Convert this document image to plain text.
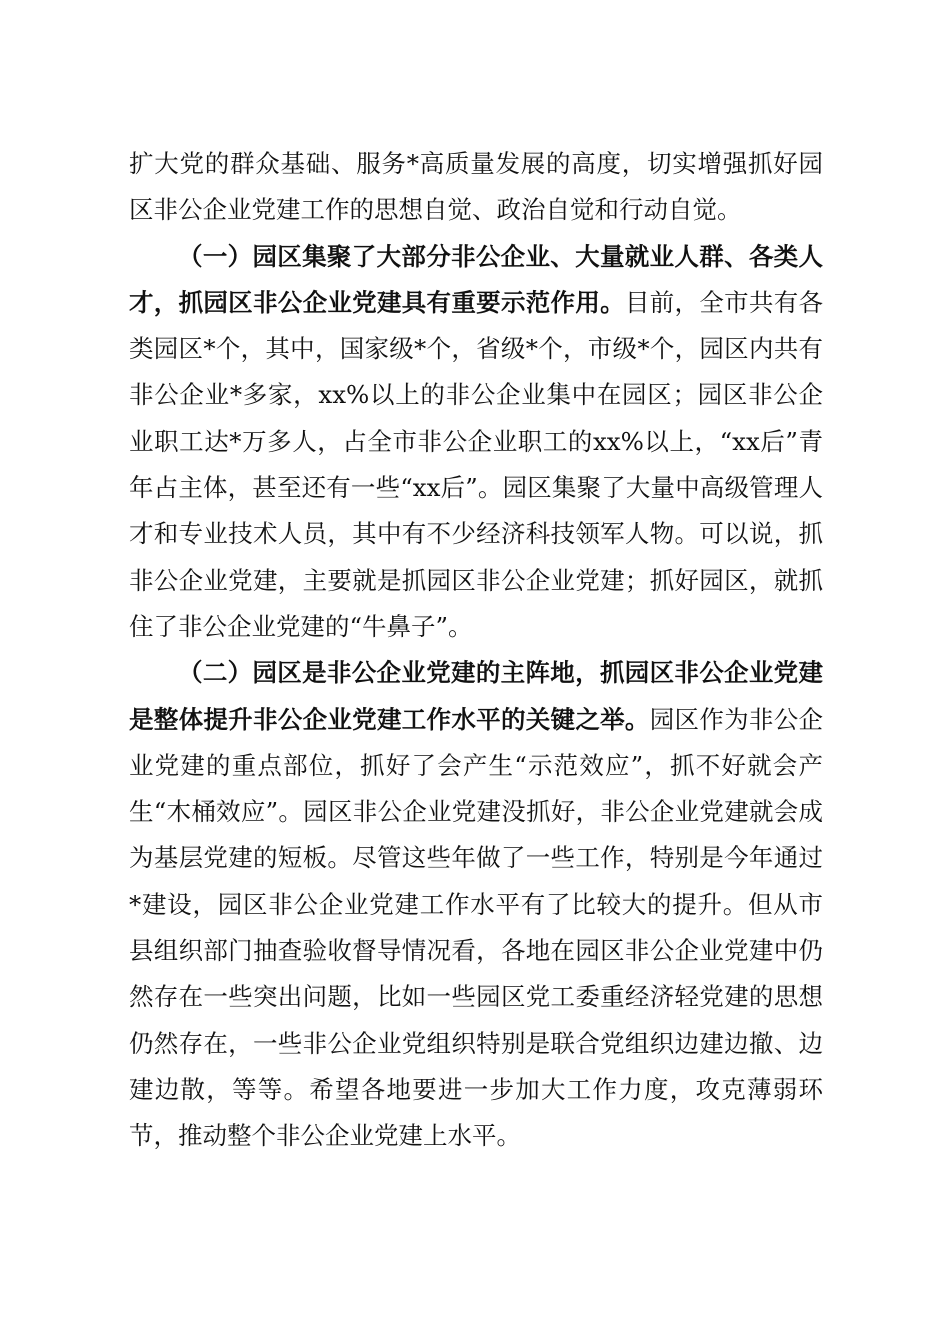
扩大党的群众基础、服务*高质量发展的高度，切实增强抓好园区非公企业党建工作的思想自觉、政治自觉和行动自觉。

（一）园区集聚了大部分非公企业、大量就业人群、各类人才，抓园区非公企业党建具有重要示范作用。目前，全市共有各类园区*个，其中，国家级*个，省级*个，市级*个，园区内共有非公企业*多家，xx%以上的非公企业集中在园区；园区非公企业职工达*万多人，占全市非公企业职工的xx%以上，“xx后”青年占主体，甚至还有一些“xx后”。园区集聚了大量中高级管理人才和专业技术人员，其中有不少经济科技领军人物。可以说，抓非公企业党建，主要就是抓园区非公企业党建；抓好园区，就抓住了非公企业党建的“牛鼻子”。

（二）园区是非公企业党建的主阵地，抓园区非公企业党建是整体提升非公企业党建工作水平的关键之举。园区作为非公企业党建的重点部位，抓好了会产生“示范效应”，抓不好就会产生“木桶效应”。园区非公企业党建没抓好，非公企业党建就会成为基层党建的短板。尽管这些年做了一些工作，特别是今年通过*建设，园区非公企业党建工作水平有了比较大的提升。但从市县组织部门抽查验收督导情况看，各地在园区非公企业党建中仍然存在一些突出问题，比如一些园区党工委重经济轻党建的思想仍然存在，一些非公企业党组织特别是联合党组织边建边撤、边建边散，等等。希望各地要进一步加大工作力度，攻克薄弱环节，推动整个非公企业党建上水平。
